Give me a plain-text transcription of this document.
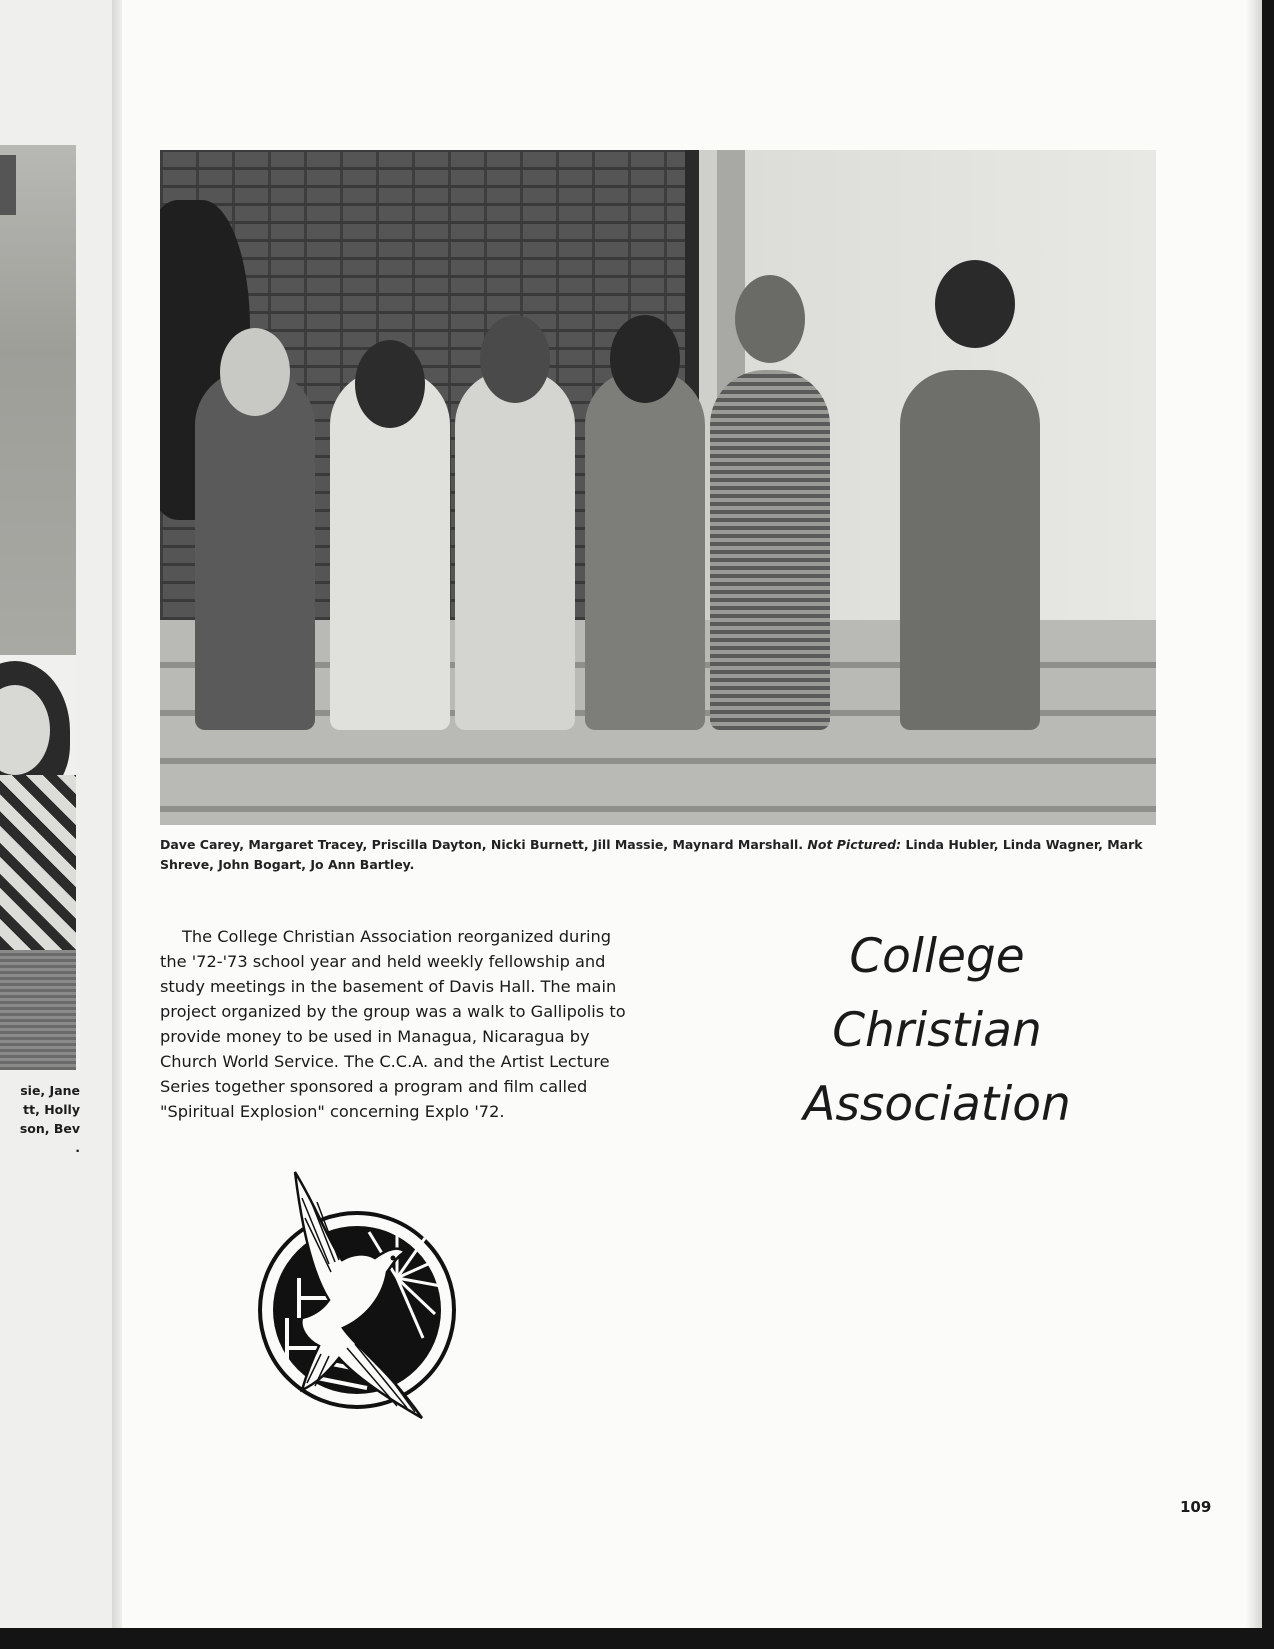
sie, Jane
tt, Holly
son, Bev
.
Dave Carey, Margaret Tracey, Priscilla Dayton, Nicki Burnett, Jill Massie, Maynard Marshall. Not Pictured: Linda Hubler, Linda Wagner, Mark Shreve, John Bogart, Jo Ann Bartley.
The College Christian Association reorganized during the '72-'73 school year and held weekly fellowship and study meetings in the basement of Davis Hall. The main project organized by the group was a walk to Gallipolis to provide money to be used in Managua, Nicaragua by Church World Service. The C.C.A. and the Artist Lecture Series together sponsored a program and film called "Spiritual Explosion" concerning Explo '72.
College
Christian
Association
109
